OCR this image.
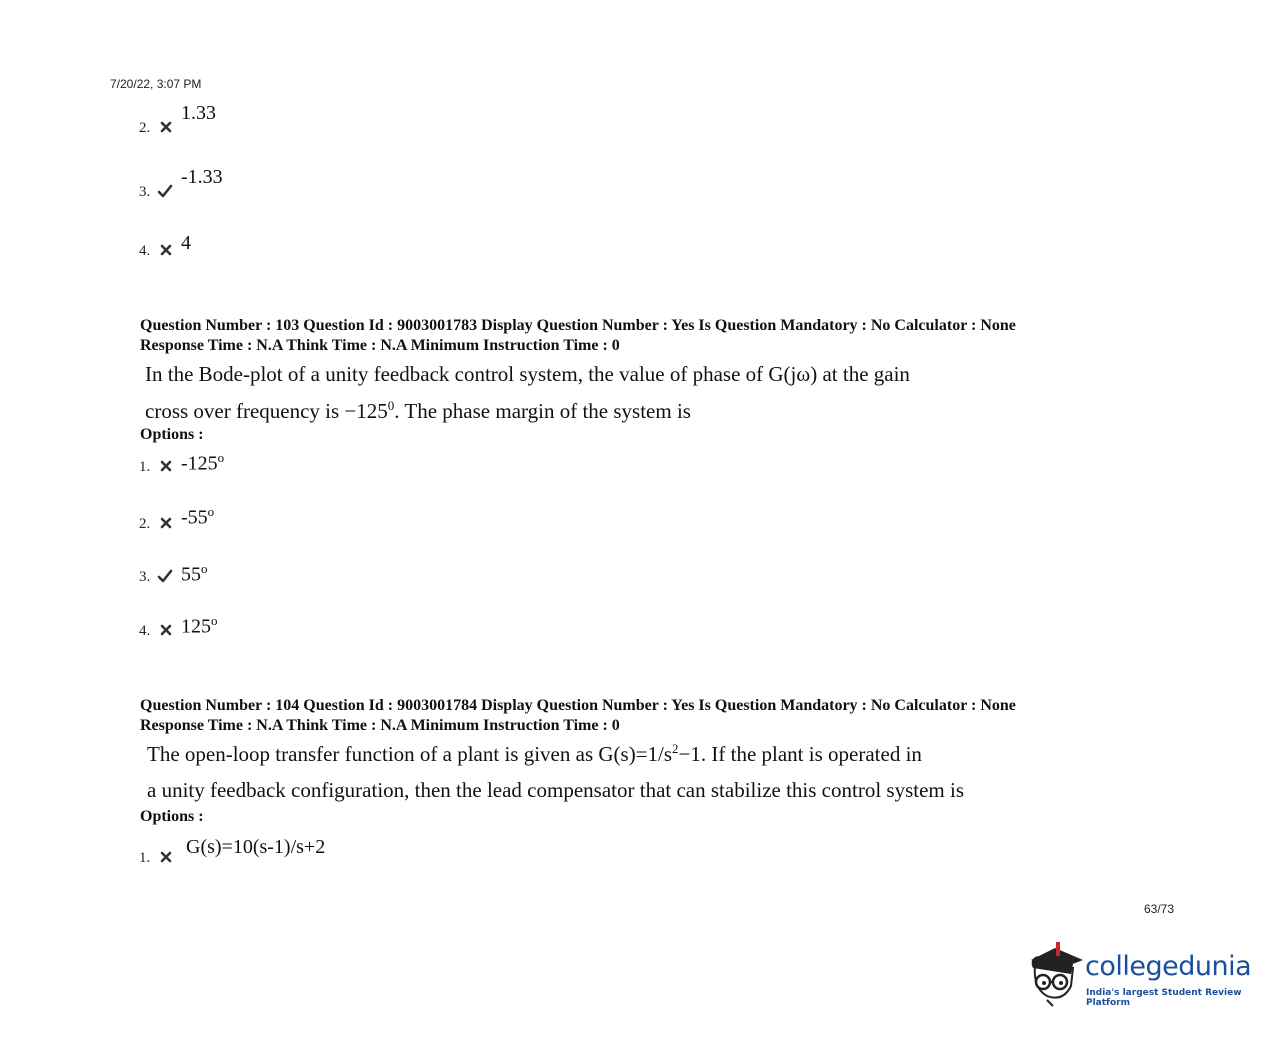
7/20/22, 3:07 PM
2.
1.33
3.
-1.33
4. 4
Question Number : 103 Question Id : 9003001783 Display Question Number : Yes Is Question Mandatory : No Calculator : None
Response Time : N.A Think Time : N.A Minimum Instruction Time : 0
In the Bode-plot of a unity feedback control system, the value of phase of G(jω) at the gain
cross over frequency is $-125^0$. The phase margin of the system is
Options :
1. -125$^o$
2. -55$^o$
3. 55$^o$
4. 125$^o$
Question Number : 104 Question Id : 9003001784 Display Question Number : Yes Is Question Mandatory : No Calculator : None
Response Time : N.A Think Time : N.A Minimum Instruction Time : 0
The open-loop transfer function of a plant is given as $G(s)=1/s^2-1$. If the plant is operated in
a unity feedback configuration, then the lead compensator that can stabilize this control system is
Options :
1. G(s)=10(s-1)/s+2
63/73
collegedunia
India's largest Student Review Platform
